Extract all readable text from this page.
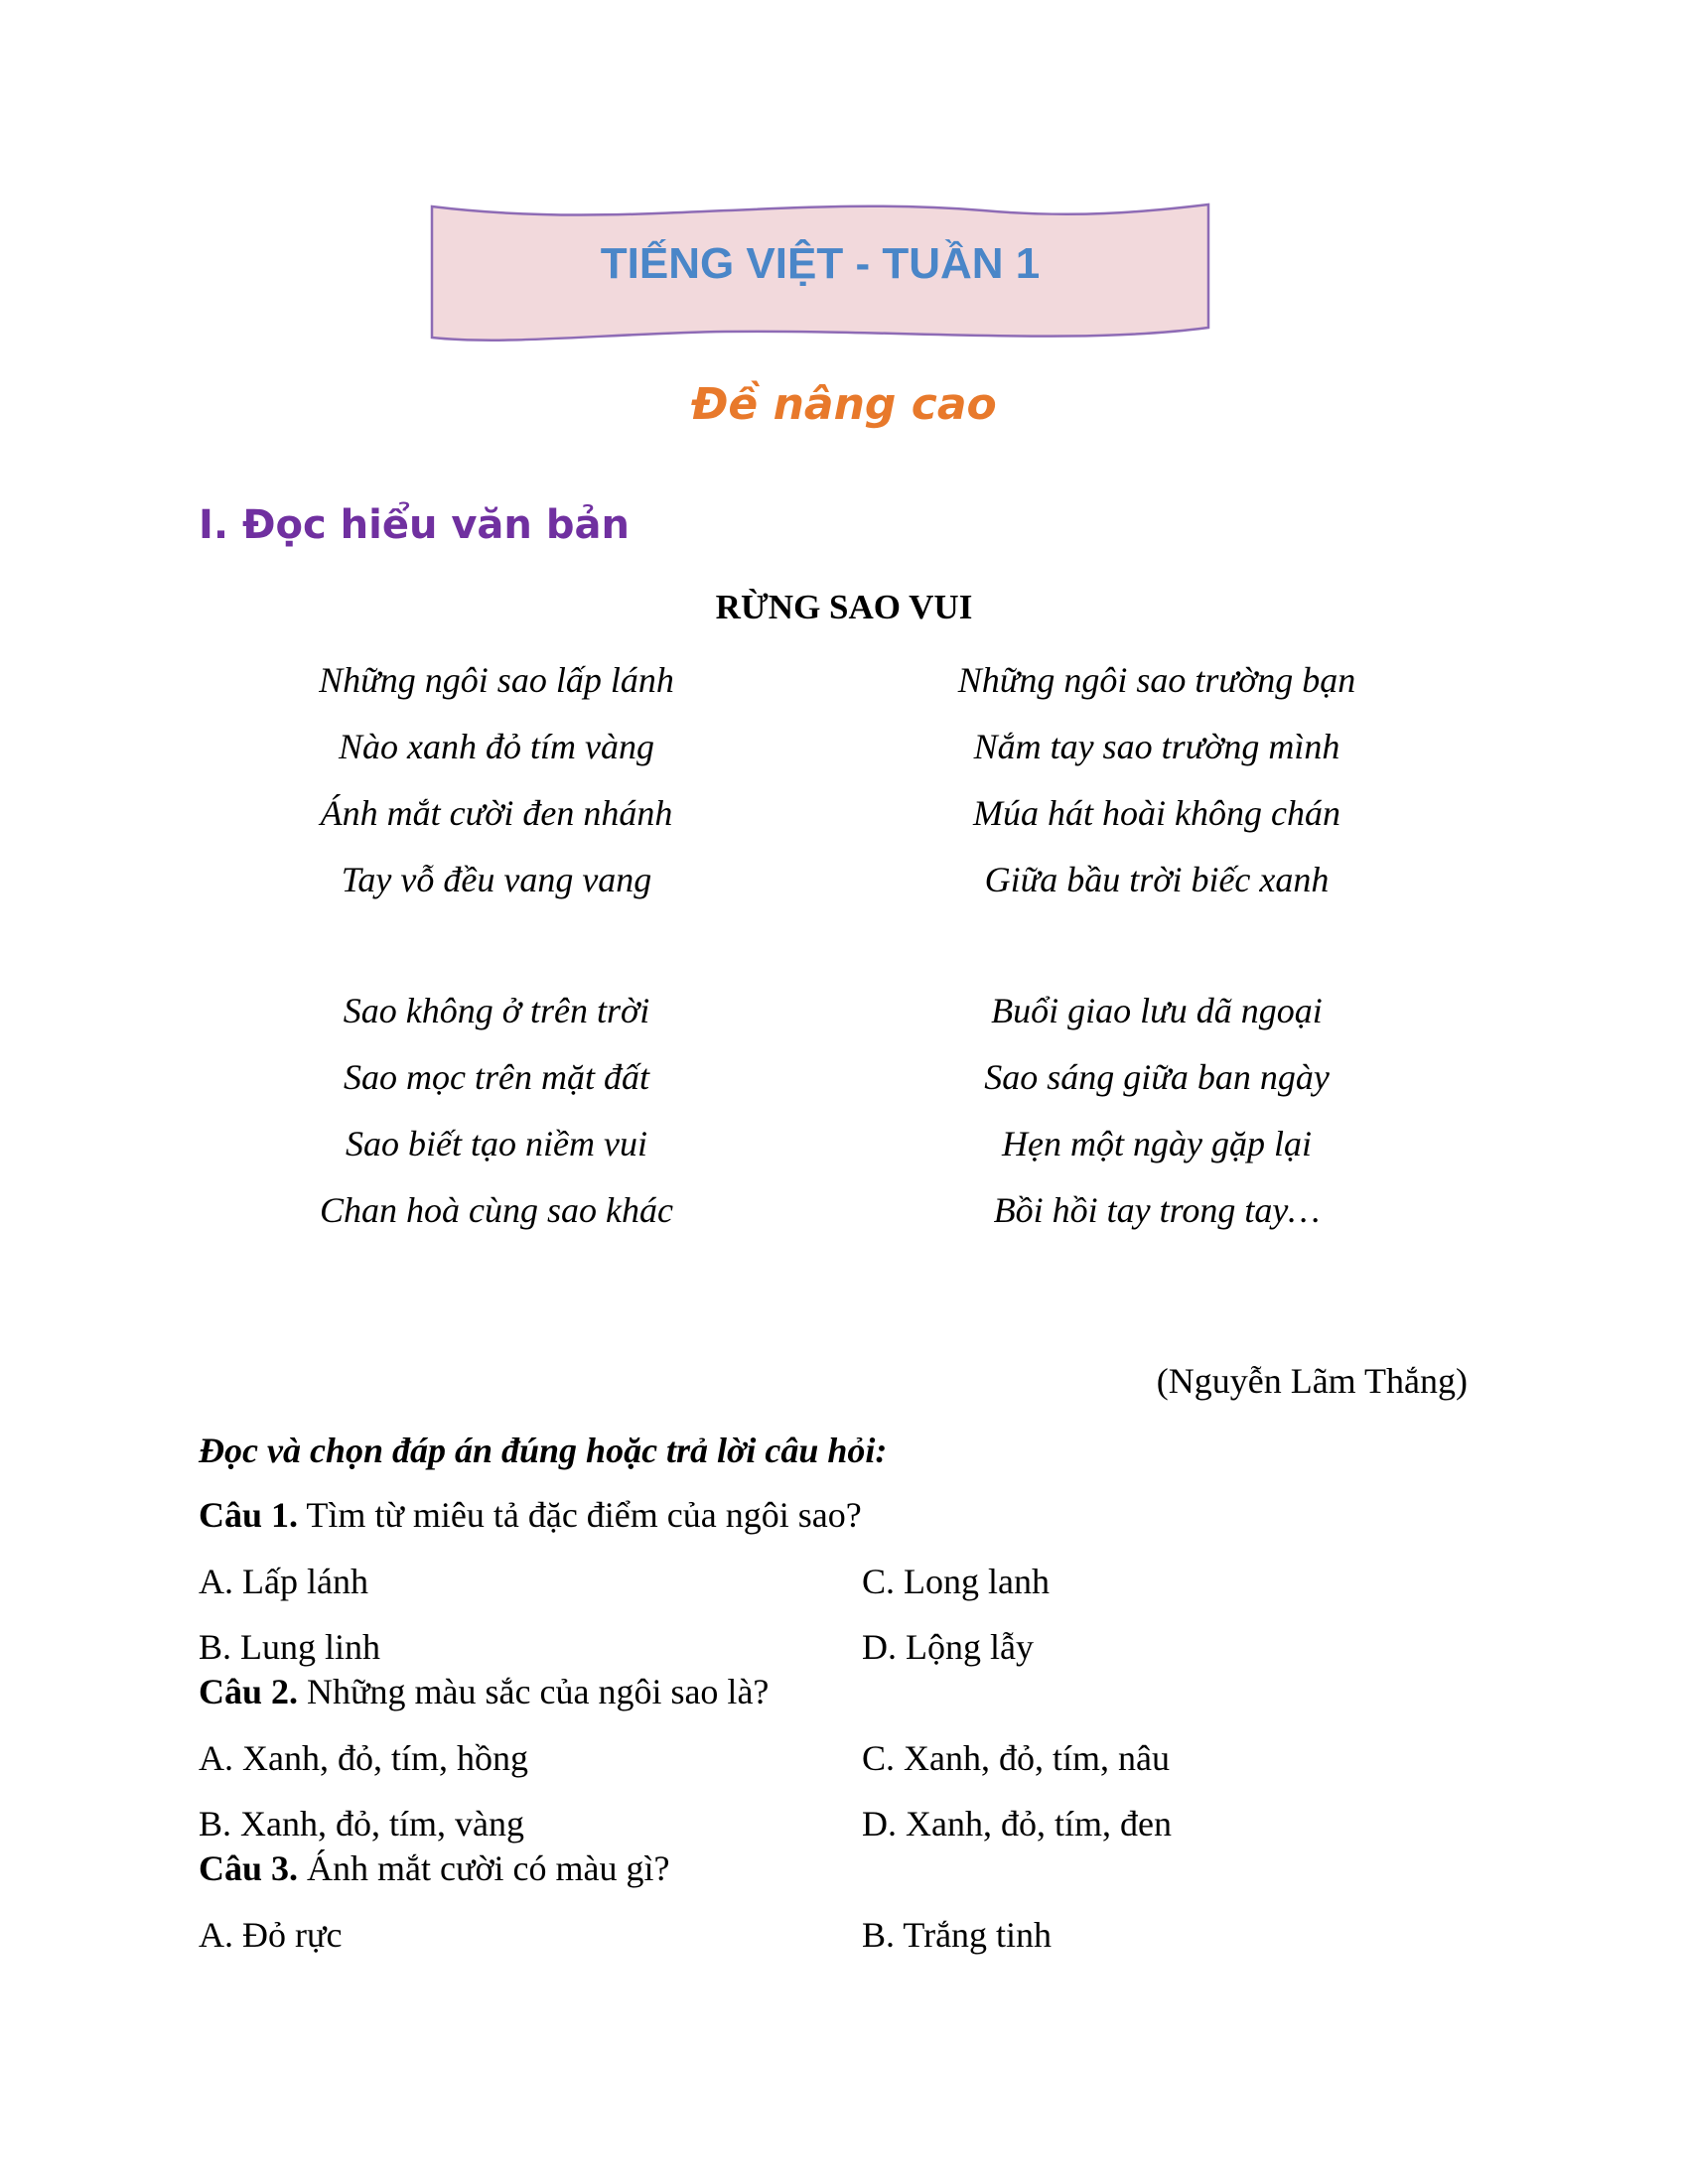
TIẾNG VIỆT - TUẦN 1
Đề nâng cao
I. Đọc hiểu văn bản
RỪNG SAO VUI
Những ngôi sao lấp lánh
Nào xanh đỏ tím vàng
Ánh mắt cười đen nhánh
Tay vỗ đều vang vang
Những ngôi sao trường bạn
Nắm tay sao trường mình
Múa hát hoài không chán
Giữa bầu trời biếc xanh
Sao không ở trên trời
Sao mọc trên mặt đất
Sao biết tạo niềm vui
Chan hoà cùng sao khác
Buổi giao lưu dã ngoại
Sao sáng giữa ban ngày
Hẹn một ngày gặp lại
Bồi hồi tay trong tay…
(Nguyễn Lãm Thắng)
Đọc và chọn đáp án đúng hoặc trả lời câu hỏi:
Câu 1. Tìm từ miêu tả đặc điểm của ngôi sao?
A. Lấp lánh	C. Long lanh
B. Lung linh	D. Lộng lẫy
Câu 2. Những màu sắc của ngôi sao là?
A. Xanh, đỏ, tím, hồng	C. Xanh, đỏ, tím, nâu
B. Xanh, đỏ, tím, vàng	D. Xanh, đỏ, tím, đen
Câu 3. Ánh mắt cười có màu gì?
A. Đỏ rực	B. Trắng tinh
